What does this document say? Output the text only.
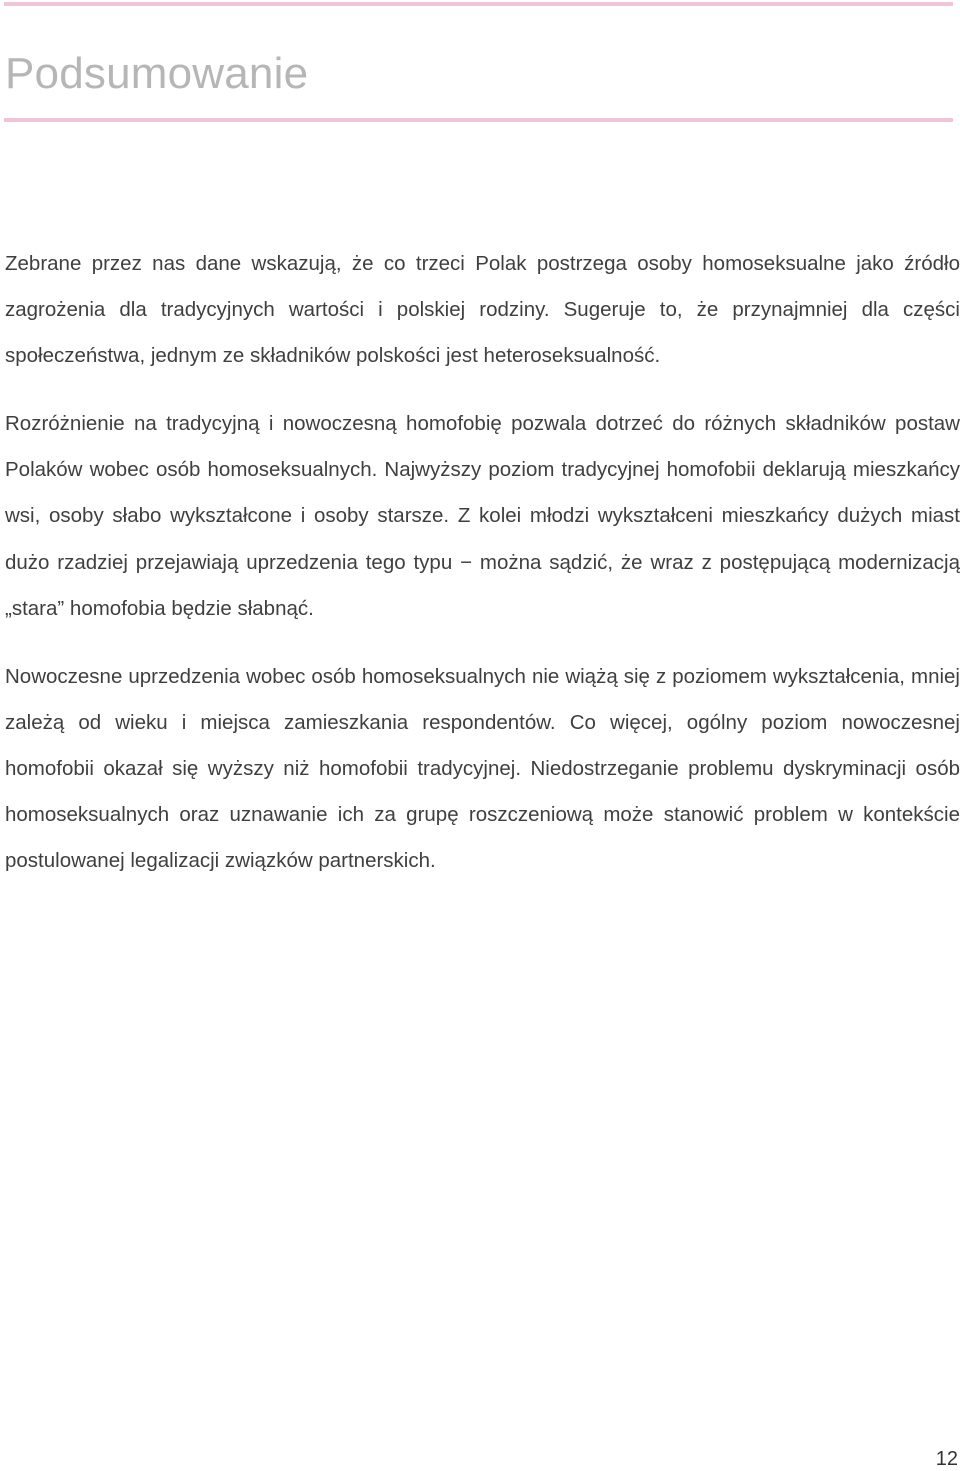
Podsumowanie

Zebrane przez nas dane wskazują, że co trzeci Polak postrzega osoby homoseksualne jako źródło zagrożenia dla tradycyjnych wartości i polskiej rodziny. Sugeruje to, że przynajmniej dla części społeczeństwa, jednym ze składników polskości jest heteroseksualność.

Rozróżnienie na tradycyjną i nowoczesną homofobię pozwala dotrzeć do różnych składników postaw Polaków wobec osób homoseksualnych. Najwyższy poziom tradycyjnej homofobii deklarują mieszkańcy wsi, osoby słabo wykształcone i osoby starsze. Z kolei młodzi wykształceni mieszkańcy dużych miast dużo rzadziej przejawiają uprzedzenia tego typu − można sądzić, że wraz z postępującą modernizacją „stara” homofobia będzie słabnąć.

Nowoczesne uprzedzenia wobec osób homoseksualnych nie wiążą się z poziomem wykształcenia, mniej zależą od wieku i miejsca zamieszkania respondentów. Co więcej, ogólny poziom nowoczesnej homofobii okazał się wyższy niż homofobii tradycyjnej. Niedostrzeganie problemu dyskryminacji osób homoseksualnych oraz uznawanie ich za grupę roszczeniową może stanowić problem w kontekście postulowanej legalizacji związków partnerskich.

12
